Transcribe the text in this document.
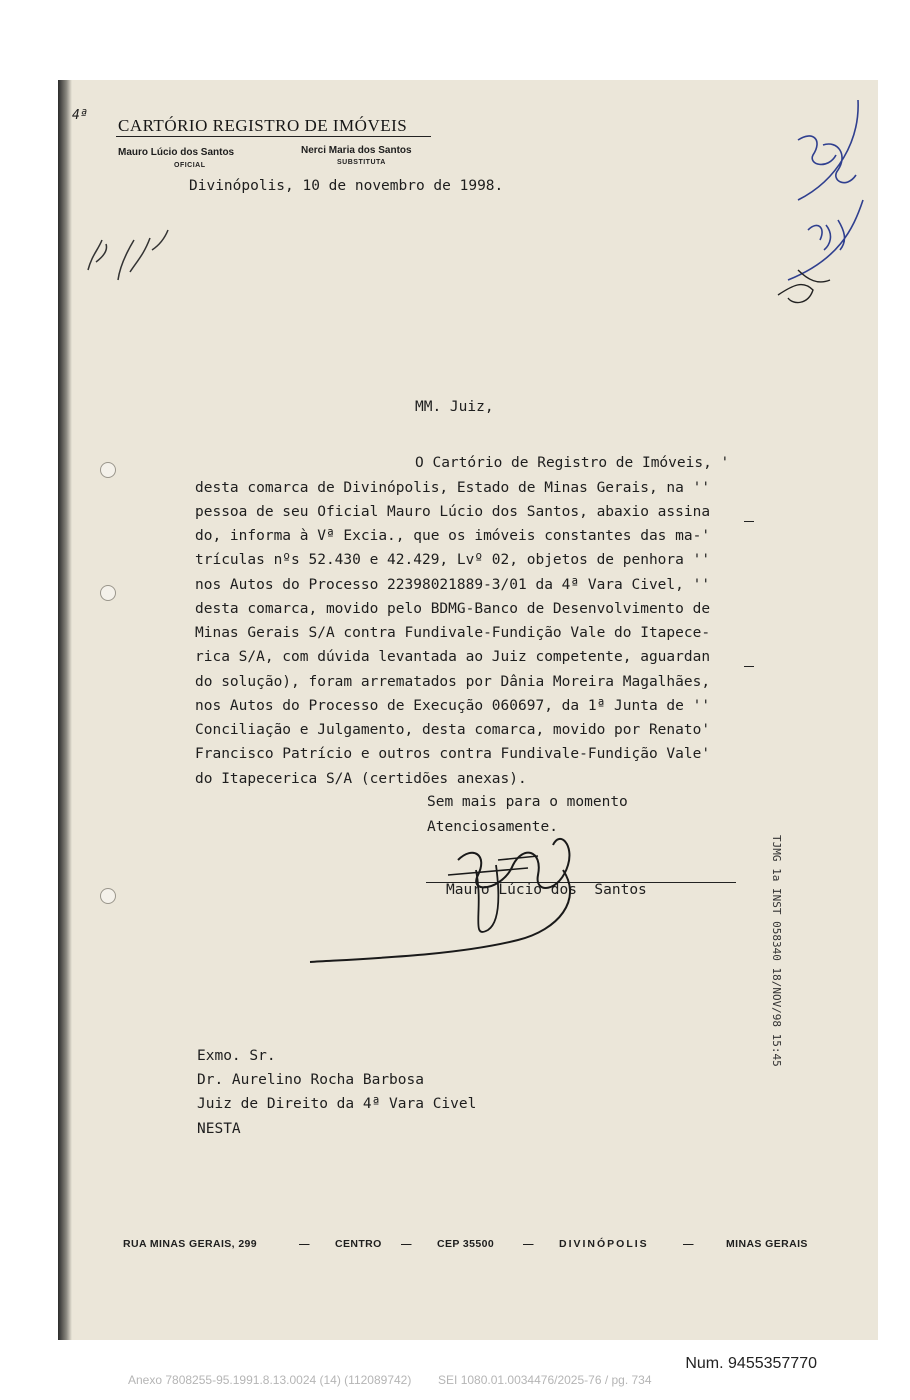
4ª
CARTÓRIO REGISTRO DE IMÓVEIS
Mauro Lúcio dos Santos
OFICIAL
Nerci Maria dos Santos
SUBSTITUTA
Divinópolis, 10 de novembro de 1998.
MM. Juiz,
O Cartório de Registro de Imóveis, '
desta comarca de Divinópolis, Estado de Minas Gerais, na ''
pessoa de seu Oficial Mauro Lúcio dos Santos, abaxio assina
do, informa à Vª Excia., que os imóveis constantes das ma-'
trículas nºs 52.430 e 42.429, Lvº 02, objetos de penhora ''
nos Autos do Processo 22398021889-3/01 da 4ª Vara Civel, ''
desta comarca, movido pelo BDMG-Banco de Desenvolvimento de
Minas Gerais S/A contra Fundivale-Fundição Vale do Itapece-
rica S/A, com dúvida levantada ao Juiz competente, aguardan
do solução), foram arrematados por Dânia Moreira Magalhães,
nos Autos do Processo de Execução 060697, da 1ª Junta de ''
Conciliação e Julgamento, desta comarca, movido por Renato'
Francisco Patrício e outros contra Fundivale-Fundição Vale'
do Itapecerica S/A (certidões anexas).
Sem mais para o momento
Atenciosamente.
Mauro Lúcio dos  Santos
Exmo. Sr.
Dr. Aurelino Rocha Barbosa
Juiz de Direito da 4ª Vara Civel
NESTA
TJMG 1a INST 058340 18/NOV/98 15:45
RUA MINAS GERAIS, 299	— CENTRO — CEP 35500	— DIVINÓPOLIS	—	MINAS GERAIS
Num. 9455357770
Anexo 7808255-95.1991.8.13.0024 (14) (112089742)        SEI 1080.01.0034476/2025-76 / pg. 734
